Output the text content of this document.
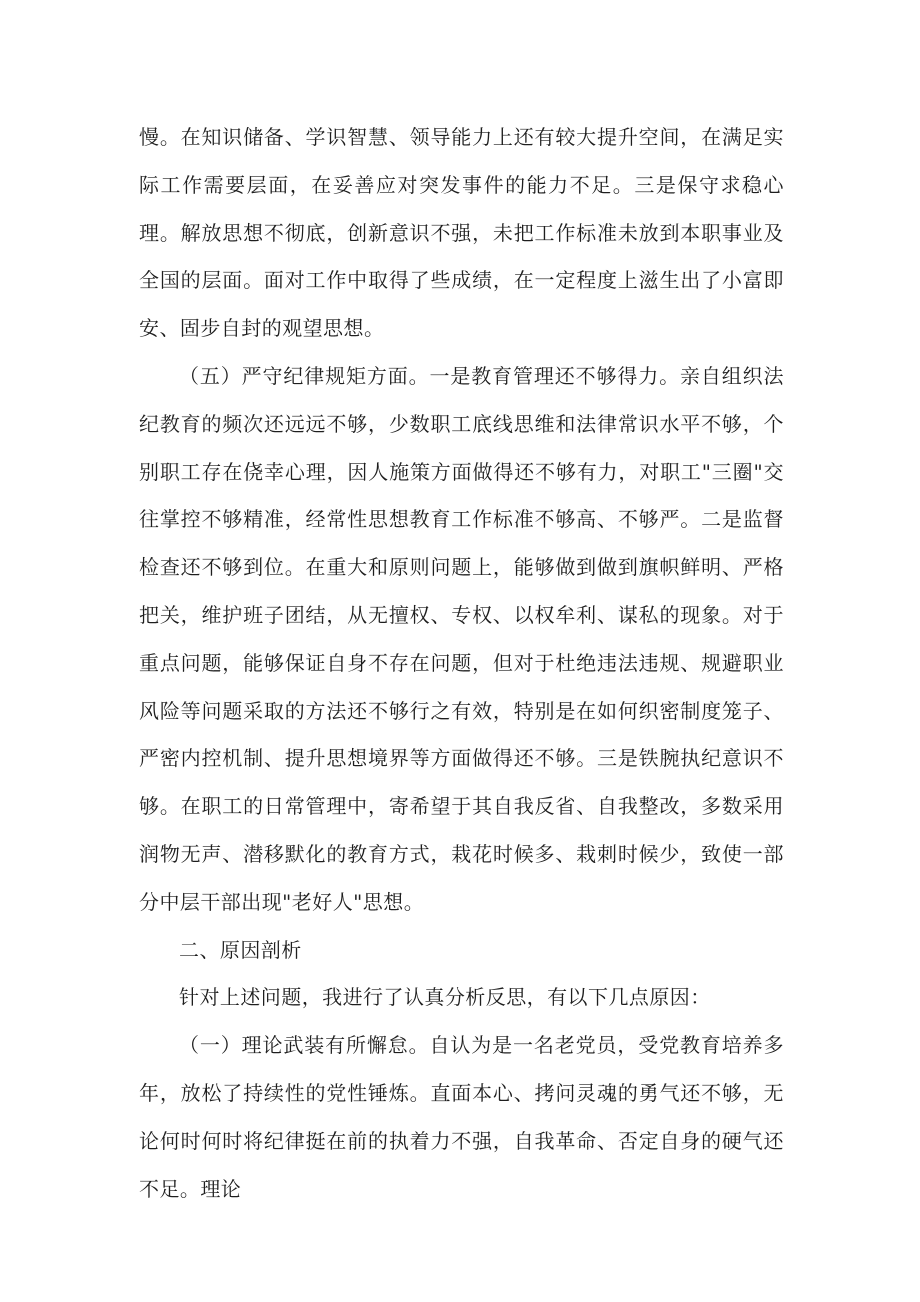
慢。在知识储备、学识智慧、领导能力上还有较大提升空间，在满足实际工作需要层面，在妥善应对突发事件的能力不足。三是保守求稳心理。解放思想不彻底，创新意识不强，未把工作标准未放到本职事业及全国的层面。面对工作中取得了些成绩，在一定程度上滋生出了小富即安、固步自封的观望思想。

（五）严守纪律规矩方面。一是教育管理还不够得力。亲自组织法纪教育的频次还远远不够，少数职工底线思维和法律常识水平不够，个别职工存在侥幸心理，因人施策方面做得还不够有力，对职工"三圈"交往掌控不够精准，经常性思想教育工作标准不够高、不够严。二是监督检查还不够到位。在重大和原则问题上，能够做到做到旗帜鲜明、严格把关，维护班子团结，从无擅权、专权、以权牟利、谋私的现象。对于重点问题，能够保证自身不存在问题，但对于杜绝违法违规、规避职业风险等问题采取的方法还不够行之有效，特别是在如何织密制度笼子、严密内控机制、提升思想境界等方面做得还不够。三是铁腕执纪意识不够。在职工的日常管理中，寄希望于其自我反省、自我整改，多数采用润物无声、潜移默化的教育方式，栽花时候多、栽刺时候少，致使一部分中层干部出现"老好人"思想。

二、原因剖析

针对上述问题，我进行了认真分析反思，有以下几点原因：

（一）理论武装有所懈怠。自认为是一名老党员，受党教育培养多年，放松了持续性的党性锤炼。直面本心、拷问灵魂的勇气还不够，无论何时何时将纪律挺在前的执着力不强，自我革命、否定自身的硬气还不足。理论
